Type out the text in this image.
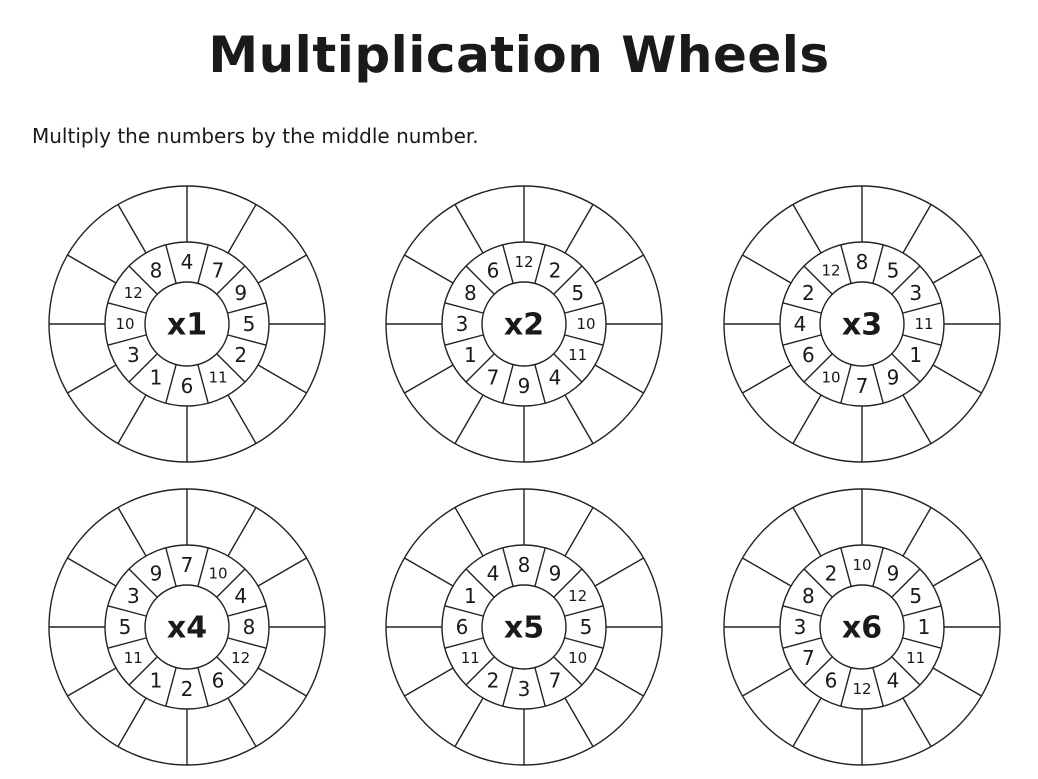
Multiplication Wheels

Multiply the numbers by the middle number.

7
9
5
2
11
6
1
3
10
12
8 4
x1
2
5
10
11
4
9
7
1
3
8
6 12
x2
5
3
11
1
9
7
10
6
4
2
12 8
x3
10
4
8
12
6
2
1
11
5
3
9 7
x4
9
12
5
10
7
3
2
11
6
1
4 8
x5
9
5
1
11
4
12
6
7
3
8
2 10
x6
